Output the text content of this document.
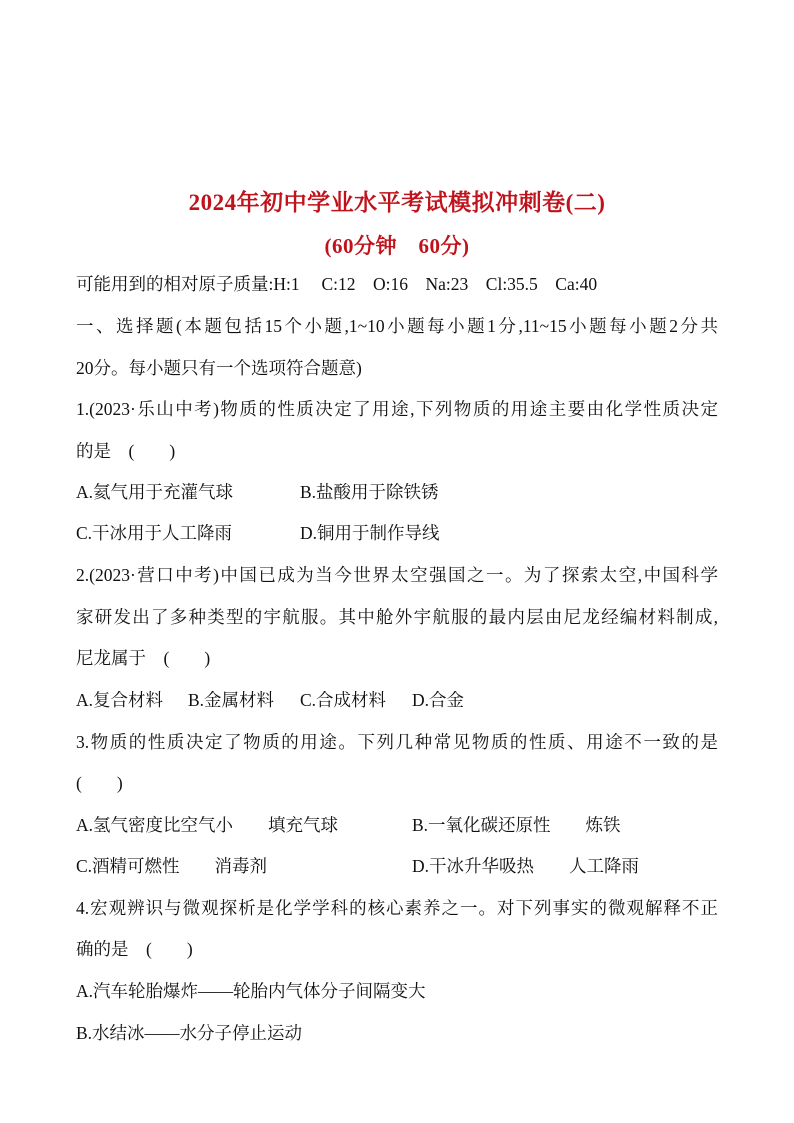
2024年初中学业水平考试模拟冲刺卷(二)
(60分钟　60分)
可能用到的相对原子质量:H:1　 C:12　O:16　Na:23　Cl:35.5　Ca:40
一、选择题(本题包括15个小题,1~10小题每小题1分,11~15小题每小题2分共
20分。每小题只有一个选项符合题意)
1.(2023·乐山中考)物质的性质决定了用途,下列物质的用途主要由化学性质决定
的是　(　　)
A.氦气用于充灌气球	B.盐酸用于除铁锈
C.干冰用于人工降雨	D.铜用于制作导线
2.(2023·营口中考)中国已成为当今世界太空强国之一。为了探索太空,中国科学
家研发出了多种类型的宇航服。其中舱外宇航服的最内层由尼龙经编材料制成,
尼龙属于　(　　)
A.复合材料 B.金属材料 C.合成材料 D.合金
3.物质的性质决定了物质的用途。下列几种常见物质的性质、用途不一致的是
(　　)
A.氢气密度比空气小　　填充气球	B.一氧化碳还原性　　炼铁
C.酒精可燃性　　消毒剂	D.干冰升华吸热　　人工降雨
4.宏观辨识与微观探析是化学学科的核心素养之一。对下列事实的微观解释不正
确的是　(　　)
A.汽车轮胎爆炸——轮胎内气体分子间隔变大
B.水结冰——水分子停止运动
